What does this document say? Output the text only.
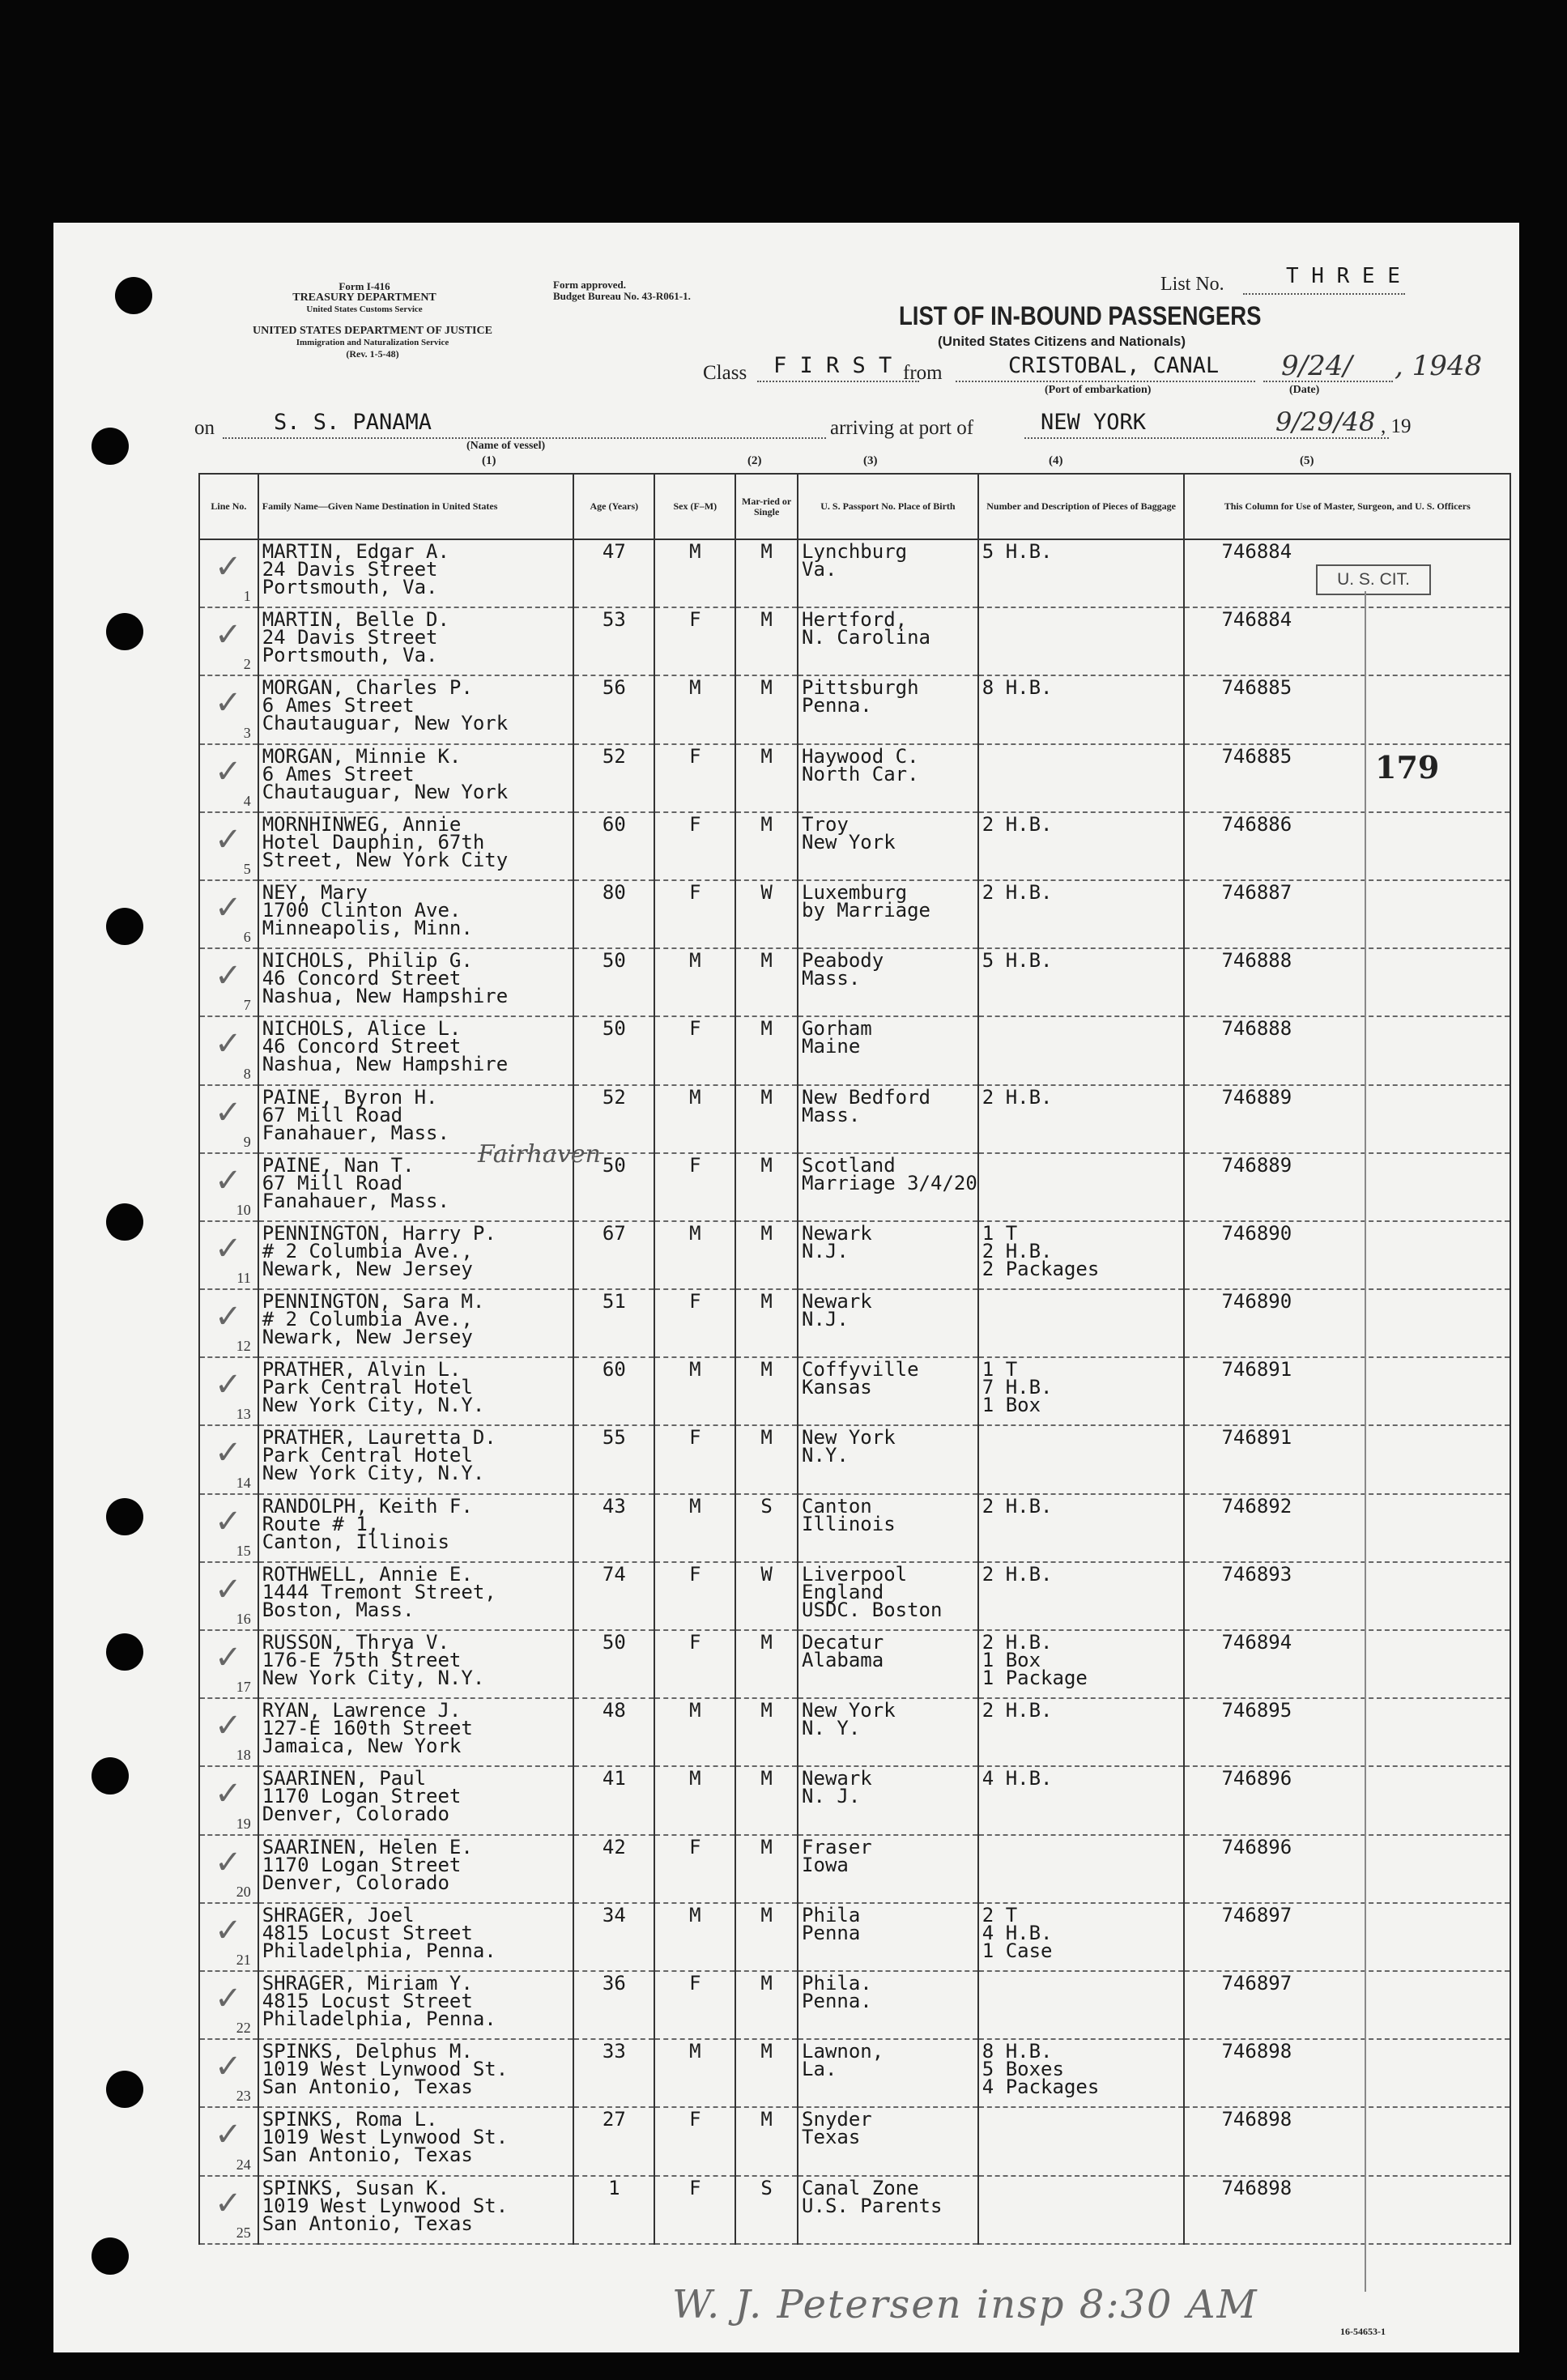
Form I-416
TREASURY DEPARTMENT
United States Customs Service
UNITED STATES DEPARTMENT OF JUSTICE
Immigration and Naturalization Service
(Rev. 1-5-48)
Form approved.
Budget Bureau No. 43-R061-1.
List No.	T H R E E
LIST OF IN-BOUND PASSENGERS
(United States Citizens and Nationals)
Class F I R S T from	CRISTOBAL, CANAL
(Port of embarkation)
9/24/
(Date)
, 1948
on	S. S. PANAMA
(Name of vessel)
arriving at port of	NEW YORK	9/29/48 , 19
(1)	(2)	(3)	(4)	(5)
Line No.	Family Name—Given Name Destination in United States	Age (Years)	Sex (F–M)	Mar-ried or Single	U. S. Passport No. Place of Birth	Number and Description of Pieces of Baggage	This Column for Use of Master, Surgeon, and U. S. Officers

✓
1	MARTIN, Edgar A.
24 Davis Street
Portsmouth, Va.	47	M	M	Lynchburg
Va.	5 H.B.	746884

✓
2	MARTIN, Belle D.
24 Davis Street
Portsmouth, Va.	53	F	M	Hertford,
N. Carolina		746884

✓
3	MORGAN, Charles P.
6 Ames Street
Chautauguar, New York	56	M	M	Pittsburgh
Penna.	8 H.B.	746885

✓
4	MORGAN, Minnie K.
6 Ames Street
Chautauguar, New York	52	F	M	Haywood C.
North Car.		746885

✓
5	MORNHINWEG, Annie
Hotel Dauphin, 67th
Street, New York City	60	F	M	Troy
New York	2 H.B.	746886

✓
6	NEY, Mary
1700 Clinton Ave.
Minneapolis, Minn.	80	F	W	Luxemburg
by Marriage	2 H.B.	746887

✓
7	NICHOLS, Philip G.
46 Concord Street
Nashua, New Hampshire	50	M	M	Peabody
Mass.	5 H.B.	746888

✓
8	NICHOLS, Alice L.
46 Concord Street
Nashua, New Hampshire	50	F	M	Gorham
Maine		746888

✓
9	PAINE, Byron H.
67 Mill Road
Fanahauer, Mass.	52	M	M	New Bedford
Mass.	2 H.B.	746889

✓
10	PAINE, Nan T.
67 Mill Road
Fanahauer, Mass.	50	F	M	Scotland
Marriage 3/4/20		746889

✓
11	PENNINGTON, Harry P.
# 2 Columbia Ave.,
Newark, New Jersey	67	M	M	Newark
N.J.	1 T
2 H.B.
2 Packages	746890

✓
12	PENNINGTON, Sara M.
# 2 Columbia Ave.,
Newark, New Jersey	51	F	M	Newark
N.J.		746890

✓
13	PRATHER, Alvin L.
Park Central Hotel
New York City, N.Y.	60	M	M	Coffyville
Kansas	1 T
7 H.B.
1 Box	746891

✓
14	PRATHER, Lauretta D.
Park Central Hotel
New York City, N.Y.	55	F	M	New York
N.Y.		746891

✓
15	RANDOLPH, Keith F.
Route # 1,
Canton, Illinois	43	M	S	Canton
Illinois	2 H.B.	746892

✓
16	ROTHWELL, Annie E.
1444 Tremont Street,
Boston, Mass.	74	F	W	Liverpool
England
USDC. Boston	2 H.B.	746893

✓
17	RUSSON, Thrya V.
176-E 75th Street
New York City, N.Y.	50	F	M	Decatur
Alabama	2 H.B.
1 Box
1 Package	746894

✓
18	RYAN, Lawrence J.
127-E 160th Street
Jamaica, New York	48	M	M	New York
N. Y.	2 H.B.	746895

✓
19	SAARINEN, Paul
1170 Logan Street
Denver, Colorado	41	M	M	Newark
N. J.	4 H.B.	746896

✓
20	SAARINEN, Helen E.
1170 Logan Street
Denver, Colorado	42	F	M	Fraser
Iowa		746896

✓
21	SHRAGER, Joel
4815 Locust Street
Philadelphia, Penna.	34	M	M	Phila
Penna	2 T
4 H.B.
1 Case	746897

✓
22	SHRAGER, Miriam Y.
4815 Locust Street
Philadelphia, Penna.	36	F	M	Phila.
Penna.		746897

✓
23	SPINKS, Delphus M.
1019 West Lynwood St.
San Antonio, Texas	33	M	M	Lawnon,
La.	8 H.B.
5 Boxes
4 Packages	746898

✓
24	SPINKS, Roma L.
1019 West Lynwood St.
San Antonio, Texas	27	F	M	Snyder
Texas		746898

✓
25	SPINKS, Susan K.
1019 West Lynwood St.
San Antonio, Texas	1	F	S	Canal Zone
U.S. Parents		746898
U. S. CIT.
179
Fairhaven
W. J. Petersen insp 8:30 AM
16-54653-1
